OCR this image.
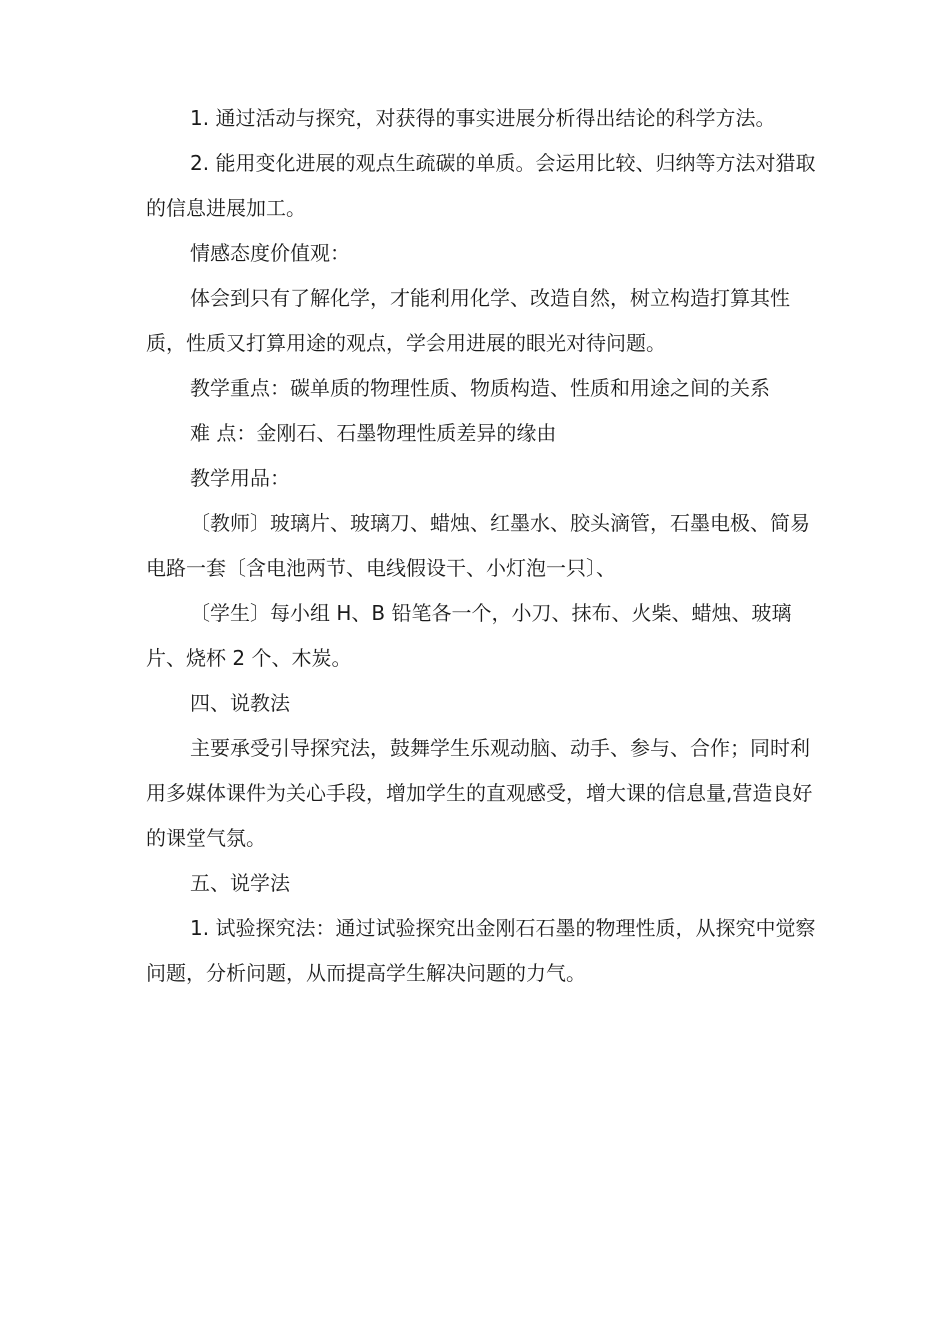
1. 通过活动与探究，对获得的事实进展分析得出结论的科学方法。

2. 能用变化进展的观点生疏碳的单质。会运用比较、归纳等方法对猎取的信息进展加工。

情感态度价值观：

体会到只有了解化学，才能利用化学、改造自然，树立构造打算其性质，性质又打算用途的观点，学会用进展的眼光对待问题。

教学重点：碳单质的物理性质、物质构造、性质和用途之间的关系

难 点：金刚石、石墨物理性质差异的缘由

教学用品：

〔教师〕玻璃片、玻璃刀、蜡烛、红墨水、胶头滴管，石墨电极、简易电路一套〔含电池两节、电线假设干、小灯泡一只〕、

〔学生〕每小组 H、B 铅笔各一个，小刀、抹布、火柴、蜡烛、玻璃片、烧杯 2 个、木炭。

四、说教法

主要承受引导探究法，鼓舞学生乐观动脑、动手、参与、合作；同时利用多媒体课件为关心手段，增加学生的直观感受，增大课的信息量,营造良好的课堂气氛。

五、说学法

1. 试验探究法：通过试验探究出金刚石石墨的物理性质，从探究中觉察问题，分析问题，从而提高学生解决问题的力气。
